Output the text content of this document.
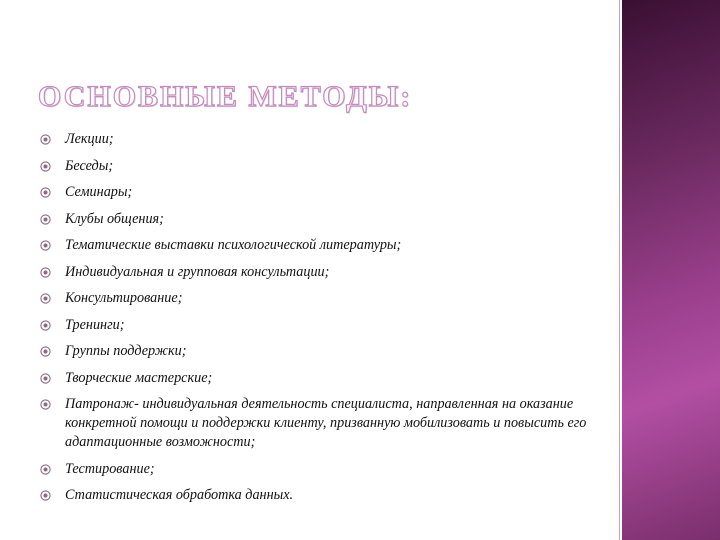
ОСНОВНЫЕ МЕТОДЫ:
Лекции;
Беседы;
Семинары;
Клубы общения;
Тематические выставки психологической литературы;
Индивидуальная и групповая консультации;
Консультирование;
Тренинги;
Группы поддержки;
Творческие мастерские;
Патронаж- индивидуальная деятельность специалиста, направленная на оказание конкретной помощи и поддержки клиенту, призванную мобилизовать и повысить его адаптационные возможности;
Тестирование;
Статистическая обработка данных.
